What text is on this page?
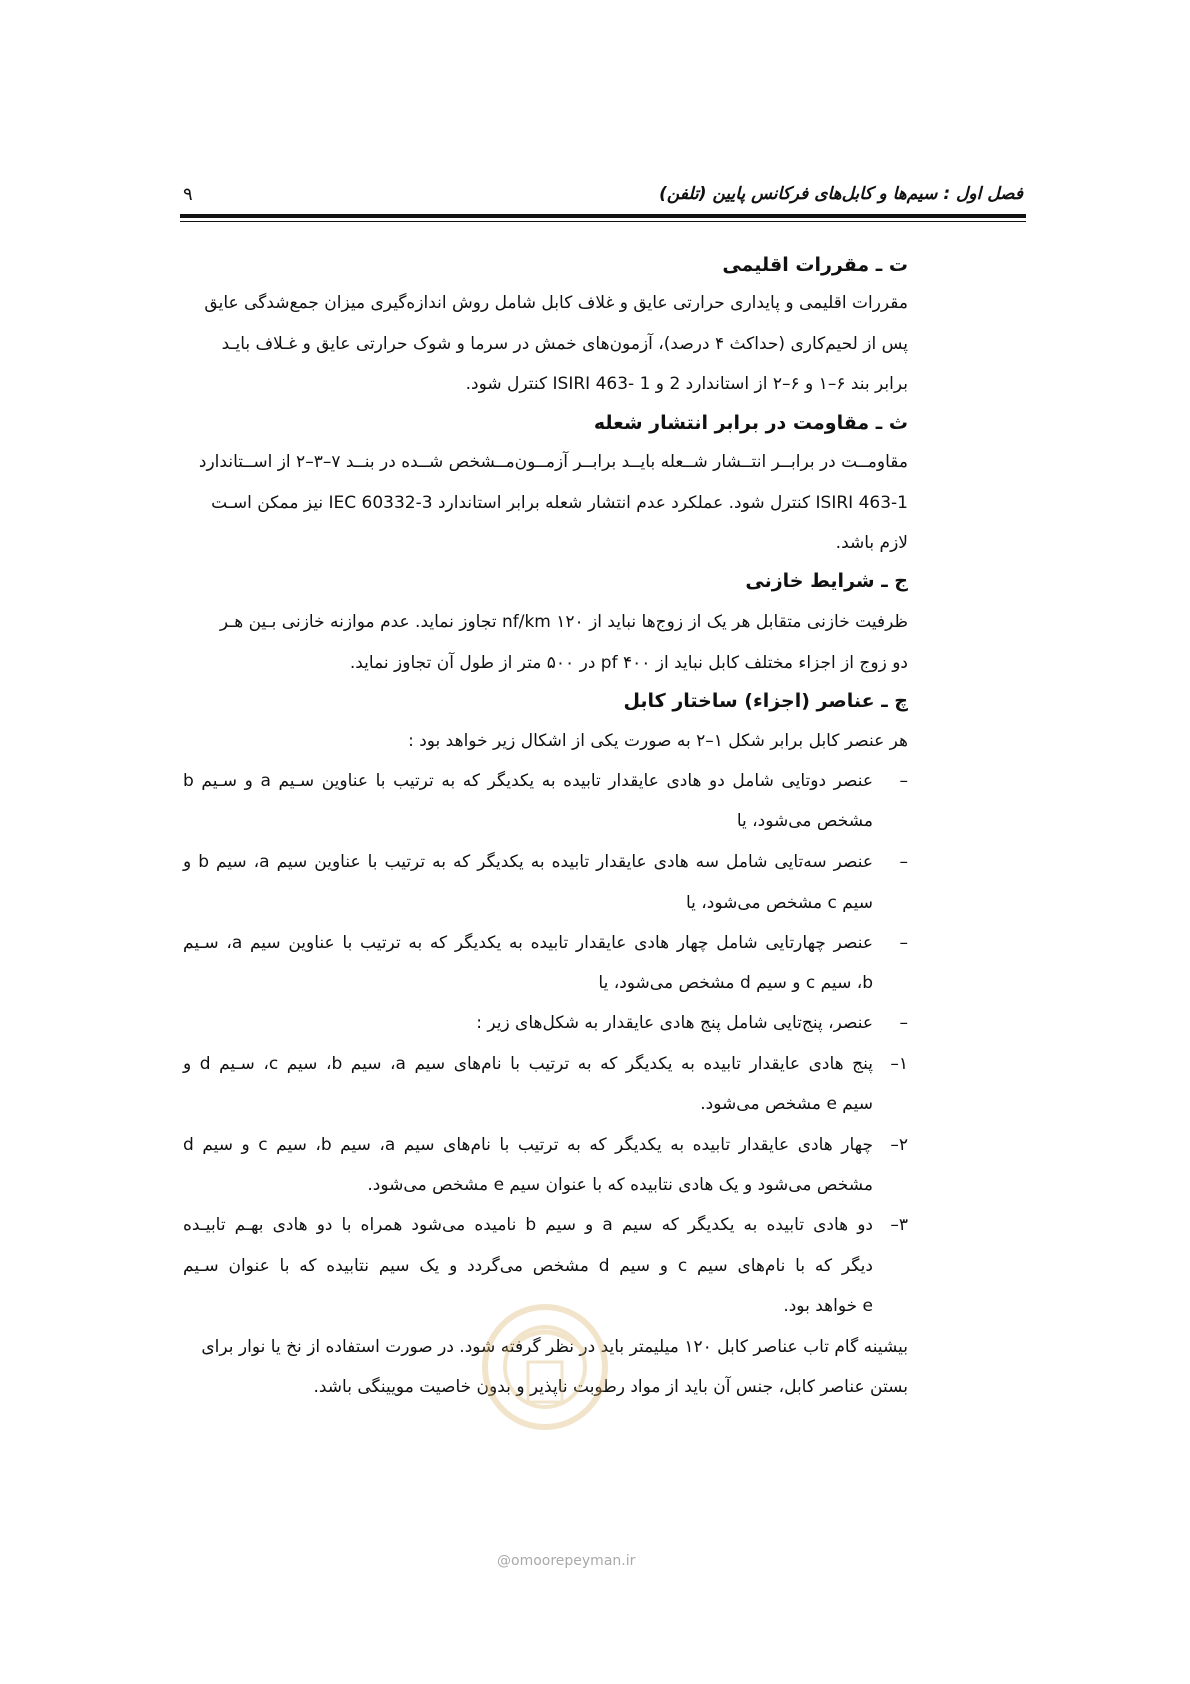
فصل اول : سیم‌ها و کابل‌های فرکانس پایین (تلفن)
۹
ت ـ مقررات اقلیمی
مقررات اقلیمی و پایداری حرارتی عایق و غلاف کابل شامل روش اندازه‌گیری میزان جمع‌شدگی عایق
پس از لحیم‌کاری (حداکث ۴ درصد)، آزمون‌های خمش در سرما و شوک حرارتی عایق و غـلاف بایـد
برابر بند ۶–۱ و ۶–۲ از استاندارد 2 و 1 -ISIRI 463 کنترل شود.
ث ـ مقاومت در برابر انتشار شعله
مقاومــت در برابــر انتــشار شــعله بایــد برابــر آزمــون‌مــشخص شــده در بنــد ۷–۳–۲ از اســتاندارد
ISIRI 463-1 کنترل شود. عملکرد عدم انتشار شعله برابر استاندارد IEC 60332-3 نیز ممکن اسـت
لازم باشد.
ج ـ شرایط خازنی
ظرفیت خازنی متقابل هر یک از زوج‌ها نباید از ۱۲۰ nf/km تجاوز نماید. عدم موازنه خازنی بـین هـر
دو زوج از اجزاء مختلف کابل نباید از ۴۰۰ pf در ۵۰۰ متر از طول آن تجاوز نماید.
چ ـ عناصر (اجزاء) ساختار کابل
هر عنصر کابل برابر شکل ۱–۲ به صورت یکی از اشکال زیر خواهد بود :
–
عنصر دوتایی شامل دو هادی عایقدار تابیده به یکدیگر که به ترتیب با عناوین سـیم a و سـیم b
مشخص می‌شود، یا
–
عنصر سه‌تایی شامل سه هادی عایقدار تابیده به یکدیگر که به ترتیب با عناوین سیم a، سیم b و
سیم c مشخص می‌شود، یا
–
عنصر چهارتایی شامل چهار هادی عایقدار تابیده به یکدیگر که به ترتیب با عناوین سیم a، سـیم
b، سیم c و سیم d مشخص می‌شود، یا
–
عنصر، پنج‌تایی شامل پنج هادی عایقدار به شکل‌های زیر :
۱–
پنج هادی عایقدار تابیده به یکدیگر که به ترتیب با نام‌های سیم a، سیم b، سیم c، سـیم d و
سیم e مشخص می‌شود.
۲–
چهار هادی عایقدار تابیده به یکدیگر که به ترتیب با نام‌های سیم a، سیم b، سیم c و سیم d
مشخص می‌شود و یک هادی نتابیده که با عنوان سیم e مشخص می‌شود.
۳–
دو هادی تابیده به یکدیگر که سیم a و سیم b نامیده می‌شود همراه با دو هادی بهـم تابیـده
دیگر که با نام‌های سیم c و سیم d مشخص می‌گردد و یک سیم نتابیده که با عنوان سـیم
e خواهد بود.
بیشینه گام تاب عناصر کابل ۱۲۰ میلیمتر باید در نظر گرفته شود. در صورت استفاده از نخ یا نوار برای
بستن عناصر کابل، جنس آن باید از مواد رطوبت ناپذیر و بدون خاصیت مویینگی باشد.
@omoorepeyman.ir
